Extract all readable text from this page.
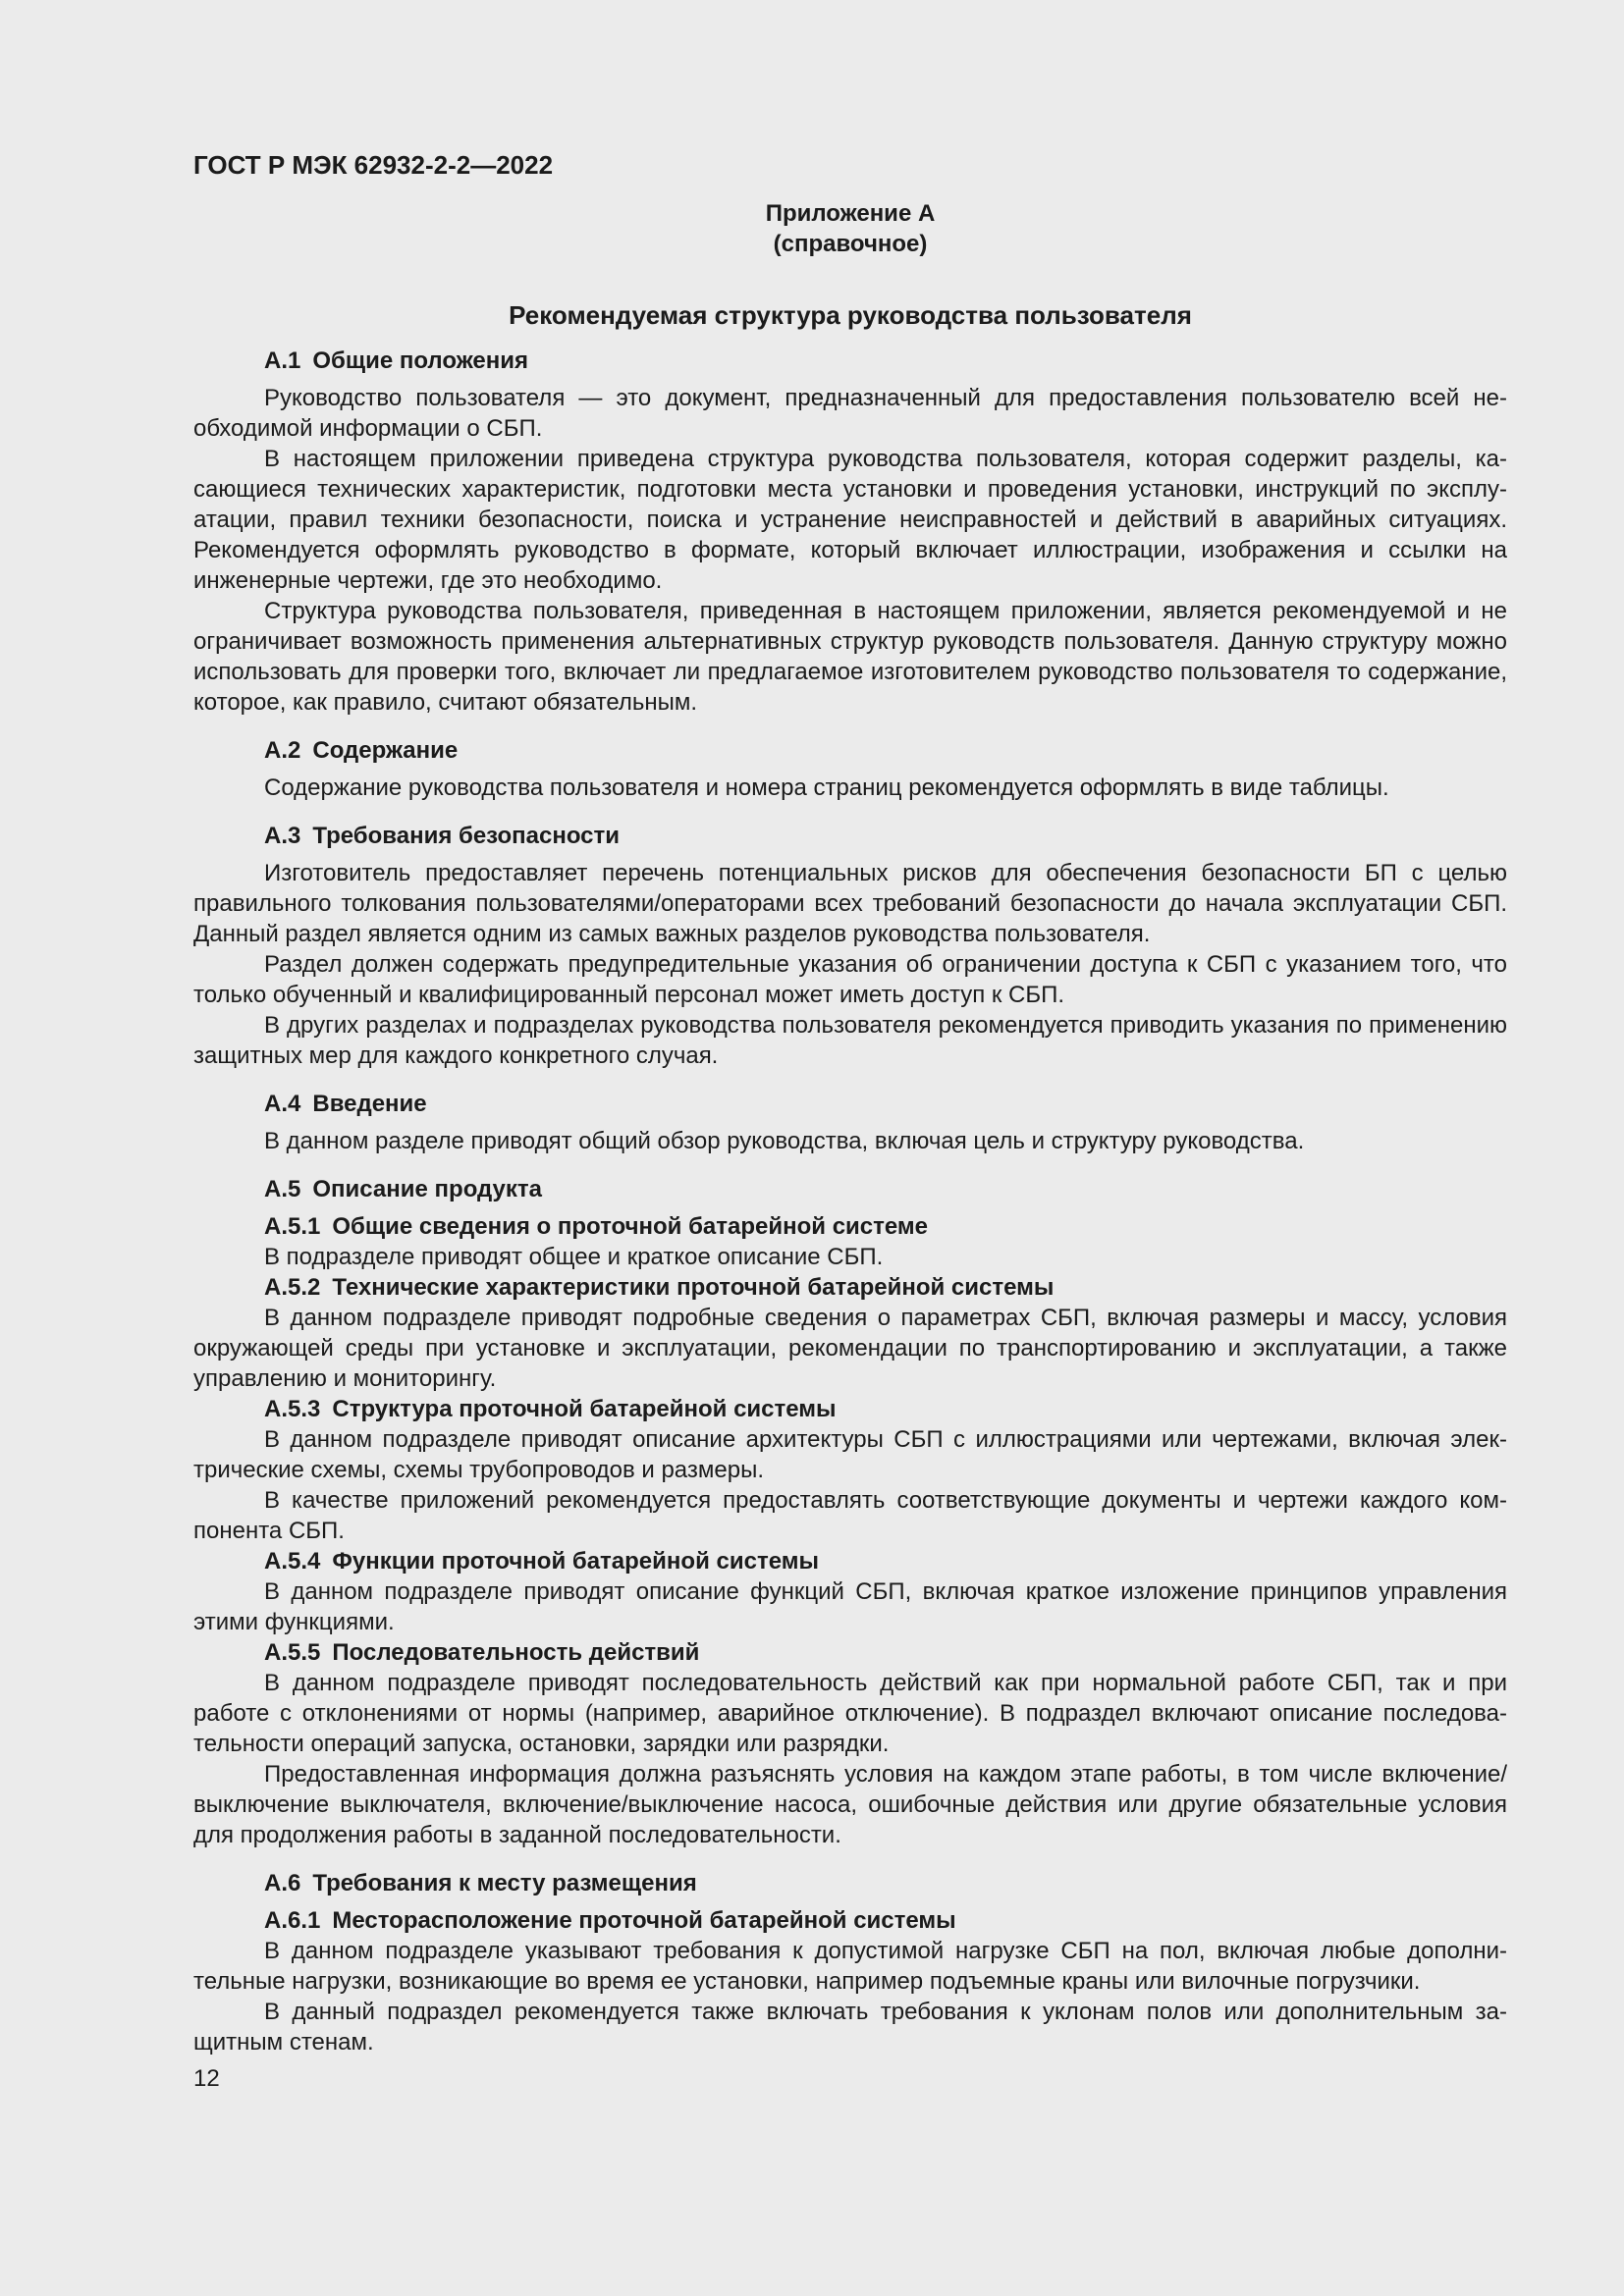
ГОСТ Р МЭК 62932-2-2—2022
Приложение А
(справочное)
Рекомендуемая структура руководства пользователя
А.1 Общие положения

Руководство пользователя — это документ, предназначенный для предоставления пользователю всей необходимой информации о СБП.

В настоящем приложении приведена структура руководства пользователя, которая содержит разделы, касающиеся технических характеристик, подготовки места установки и проведения установки, инструкций по эксплуатации, правил техники безопасности, поиска и устранение неисправностей и действий в аварийных ситуациях. Рекомендуется оформлять руководство в формате, который включает иллюстрации, изображения и ссылки на инженерные чертежи, где это необходимо.

Структура руководства пользователя, приведенная в настоящем приложении, является рекомендуемой и не ограничивает возможность применения альтернативных структур руководств пользователя. Данную структуру можно использовать для проверки того, включает ли предлагаемое изготовителем руководство пользователя то содержание, которое, как правило, считают обязательным.

А.2 Содержание

Содержание руководства пользователя и номера страниц рекомендуется оформлять в виде таблицы.

А.3 Требования безопасности

Изготовитель предоставляет перечень потенциальных рисков для обеспечения безопасности БП с целью правильного толкования пользователями/операторами всех требований безопасности до начала эксплуатации СБП. Данный раздел является одним из самых важных разделов руководства пользователя.

Раздел должен содержать предупредительные указания об ограничении доступа к СБП с указанием того, что только обученный и квалифицированный персонал может иметь доступ к СБП.

В других разделах и подразделах руководства пользователя рекомендуется приводить указания по применению защитных мер для каждого конкретного случая.

А.4 Введение

В данном разделе приводят общий обзор руководства, включая цель и структуру руководства.

А.5 Описание продукта
А.5.1 Общие сведения о проточной батарейной системе

В подразделе приводят общее и краткое описание СБП.

А.5.2 Технические характеристики проточной батарейной системы

В данном подразделе приводят подробные сведения о параметрах СБП, включая размеры и массу, условия окружающей среды при установке и эксплуатации, рекомендации по транспортированию и эксплуатации, а также управлению и мониторингу.

А.5.3 Структура проточной батарейной системы

В данном подразделе приводят описание архитектуры СБП с иллюстрациями или чертежами, включая электрические схемы, схемы трубопроводов и размеры.

В качестве приложений рекомендуется предоставлять соответствующие документы и чертежи каждого компонента СБП.

А.5.4 Функции проточной батарейной системы

В данном подразделе приводят описание функций СБП, включая краткое изложение принципов управления этими функциями.

А.5.5 Последовательность действий

В данном подразделе приводят последовательность действий как при нормальной работе СБП, так и при работе с отклонениями от нормы (например, аварийное отключение). В подраздел включают описание последовательности операций запуска, остановки, зарядки или разрядки.

Предоставленная информация должна разъяснять условия на каждом этапе работы, в том числе включение/​выключение выключателя, включение/выключение насоса, ошибочные действия или другие обязательные условия для продолжения работы в заданной последовательности.

А.6 Требования к месту размещения
А.6.1 Месторасположение проточной батарейной системы

В данном подразделе указывают требования к допустимой нагрузке СБП на пол, включая любые дополнительные нагрузки, возникающие во время ее установки, например подъемные краны или вилочные погрузчики.

В данный подраздел рекомендуется также включать требования к уклонам полов или дополнительным защитным стенам.

12
